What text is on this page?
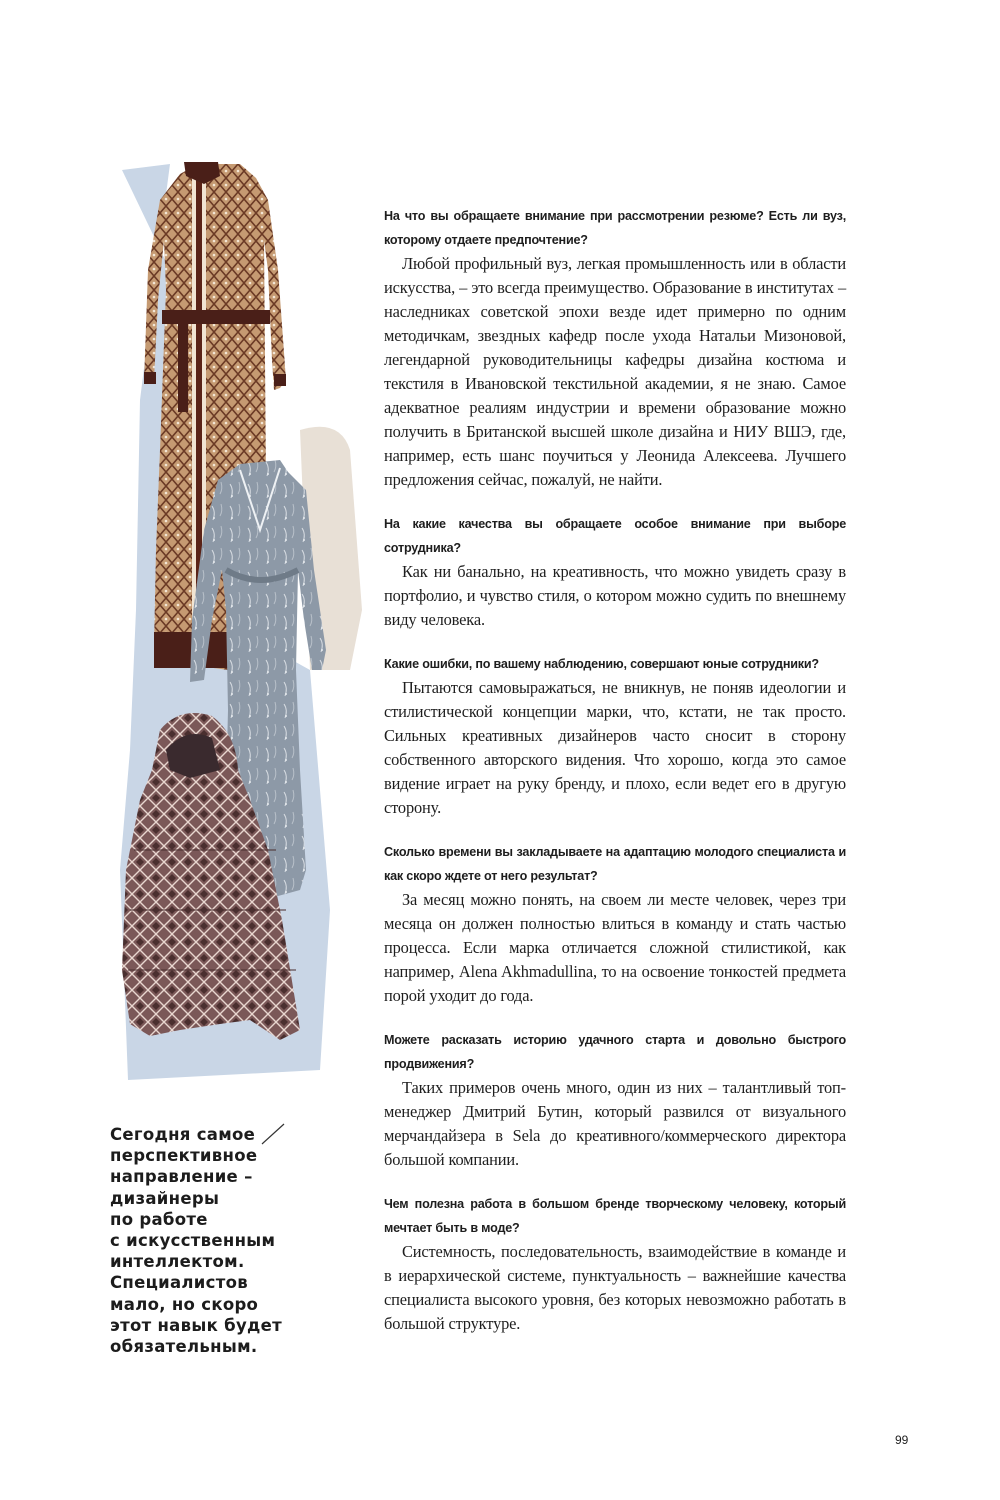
Сегодня самое
перспективное
направление –
дизайнеры
по работе
с искусственным
интеллектом.
Специалистов
мало, но скоро
этот навык будет
обязательным.

На что вы обращаете внимание при рассмотрении резюме? Есть ли вуз, которому отдаете предпочтение?

Любой профильный вуз, легкая промышленность или в области искусства, – это всегда преимущество. Образование в институтах – наследниках советской эпохи везде идет примерно по одним методичкам, звездных кафедр после ухода Натальи Мизоновой, легендарной руководительницы кафедры дизайна костюма и текстиля в Ивановской текстильной академии, я не знаю. Самое адекватное реалиям индустрии и времени образование можно получить в Британской высшей школе дизайна и НИУ ВШЭ, где, например, есть шанс поучиться у Леонида Алексеева. Лучшего предложения сейчас, пожалуй, не найти.

На какие качества вы обращаете особое внимание при выборе сотрудника?

Как ни банально, на креативность, что можно увидеть сразу в портфолио, и чувство стиля, о котором можно судить по внешнему виду человека.

Какие ошибки, по вашему наблюдению, совершают юные сотрудники?

Пытаются самовыражаться, не вникнув, не поняв идеологии и стилистической концепции марки, что, кстати, не так просто. Сильных креативных дизайнеров часто сносит в сторону собственного авторского видения. Что хорошо, когда это самое видение играет на руку бренду, и плохо, если ведет его в другую сторону.

Сколько времени вы закладываете на адаптацию молодого специалиста и как скоро ждете от него результат?

За месяц можно понять, на своем ли месте человек, через три месяца он должен полностью влиться в команду и стать частью процесса. Если марка отличается сложной стилистикой, как например, Alena Akhmadullina, то на освоение тонкостей предмета порой уходит до года.

Можете расказать историю удачного старта и довольно быстрого продвижения?

Таких примеров очень много, один из них – талантливый топ-менеджер Дмитрий Бутин, который развился от визуального мерчандайзера в Sela до креативного/коммерческого директора большой компании.

Чем полезна работа в большом бренде творческому человеку, который мечтает быть в моде?

Системность, последовательность, взаимодействие в команде и в иерархической системе, пунктуальность – важнейшие качества специалиста высокого уровня, без которых невозможно работать в большой структуре.

99
